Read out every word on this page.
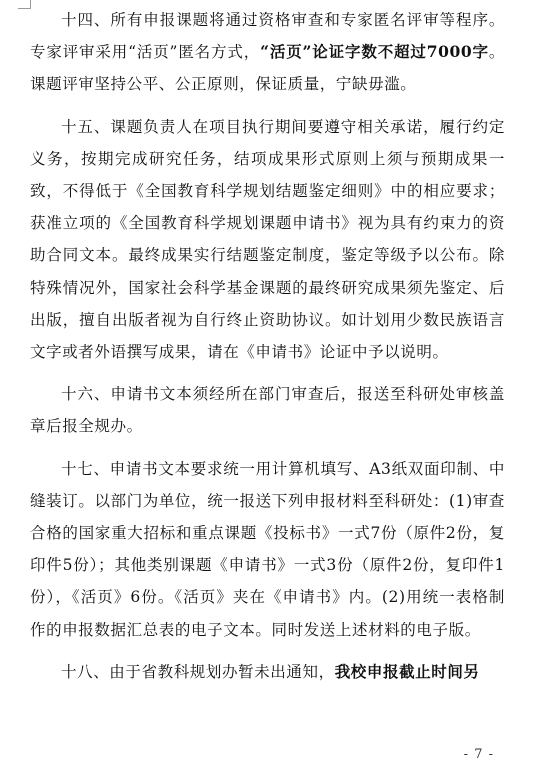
十四、所有申报课题将通过资格审查和专家匿名评审等程序。专家评审采用“活页”匿名方式，“活页”论证字数不超过7000字。课题评审坚持公平、公正原则，保证质量，宁缺毋滥。

十五、课题负责人在项目执行期间要遵守相关承诺，履行约定义务，按期完成研究任务，结项成果形式原则上须与预期成果一致，不得低于《全国教育科学规划结题鉴定细则》中的相应要求；获准立项的《全国教育科学规划课题申请书》视为具有约束力的资助合同文本。最终成果实行结题鉴定制度，鉴定等级予以公布。除特殊情况外，国家社会科学基金课题的最终研究成果须先鉴定、后出版，擅自出版者视为自行终止资助协议。如计划用少数民族语言文字或者外语撰写成果，请在《申请书》论证中予以说明。

十六、申请书文本须经所在部门审查后，报送至科研处审核盖章后报全规办。

十七、申请书文本要求统一用计算机填写、A3纸双面印制、中缝装订。以部门为单位，统一报送下列申报材料至科研处：(1)审查合格的国家重大招标和重点课题《投标书》一式7份（原件2份，复印件5份）；其他类别课题《申请书》一式3份（原件2份，复印件1份），《活页》6份。《活页》夹在《申请书》内。(2)用统一表格制作的申报数据汇总表的电子文本。同时发送上述材料的电子版。

十八、由于省教科规划办暂未出通知，我校申报截止时间另

- 7 -
